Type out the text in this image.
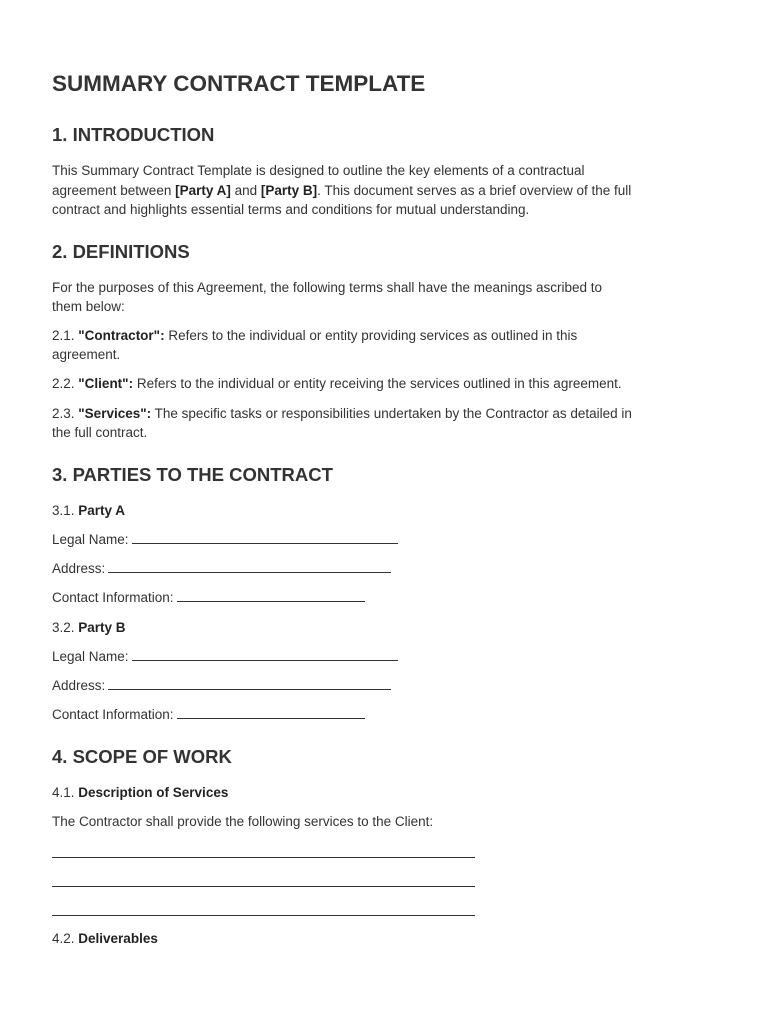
SUMMARY CONTRACT TEMPLATE
1. INTRODUCTION

This Summary Contract Template is designed to outline the key elements of a contractual

agreement between [Party A] and [Party B]. This document serves as a brief overview of the full

contract and highlights essential terms and conditions for mutual understanding.

2. DEFINITIONS

For the purposes of this Agreement, the following terms shall have the meanings ascribed to

them below:

2.1. "Contractor": Refers to the individual or entity providing services as outlined in this

agreement.

2.2. "Client": Refers to the individual or entity receiving the services outlined in this agreement.

2.3. "Services": The specific tasks or responsibilities undertaken by the Contractor as detailed in

the full contract.

3. PARTIES TO THE CONTRACT

3.1. Party A

Legal Name:

Address:

Contact Information:

3.2. Party B

Legal Name:

Address:

Contact Information:

4. SCOPE OF WORK

4.1. Description of Services

The Contractor shall provide the following services to the Client:

4.2. Deliverables
